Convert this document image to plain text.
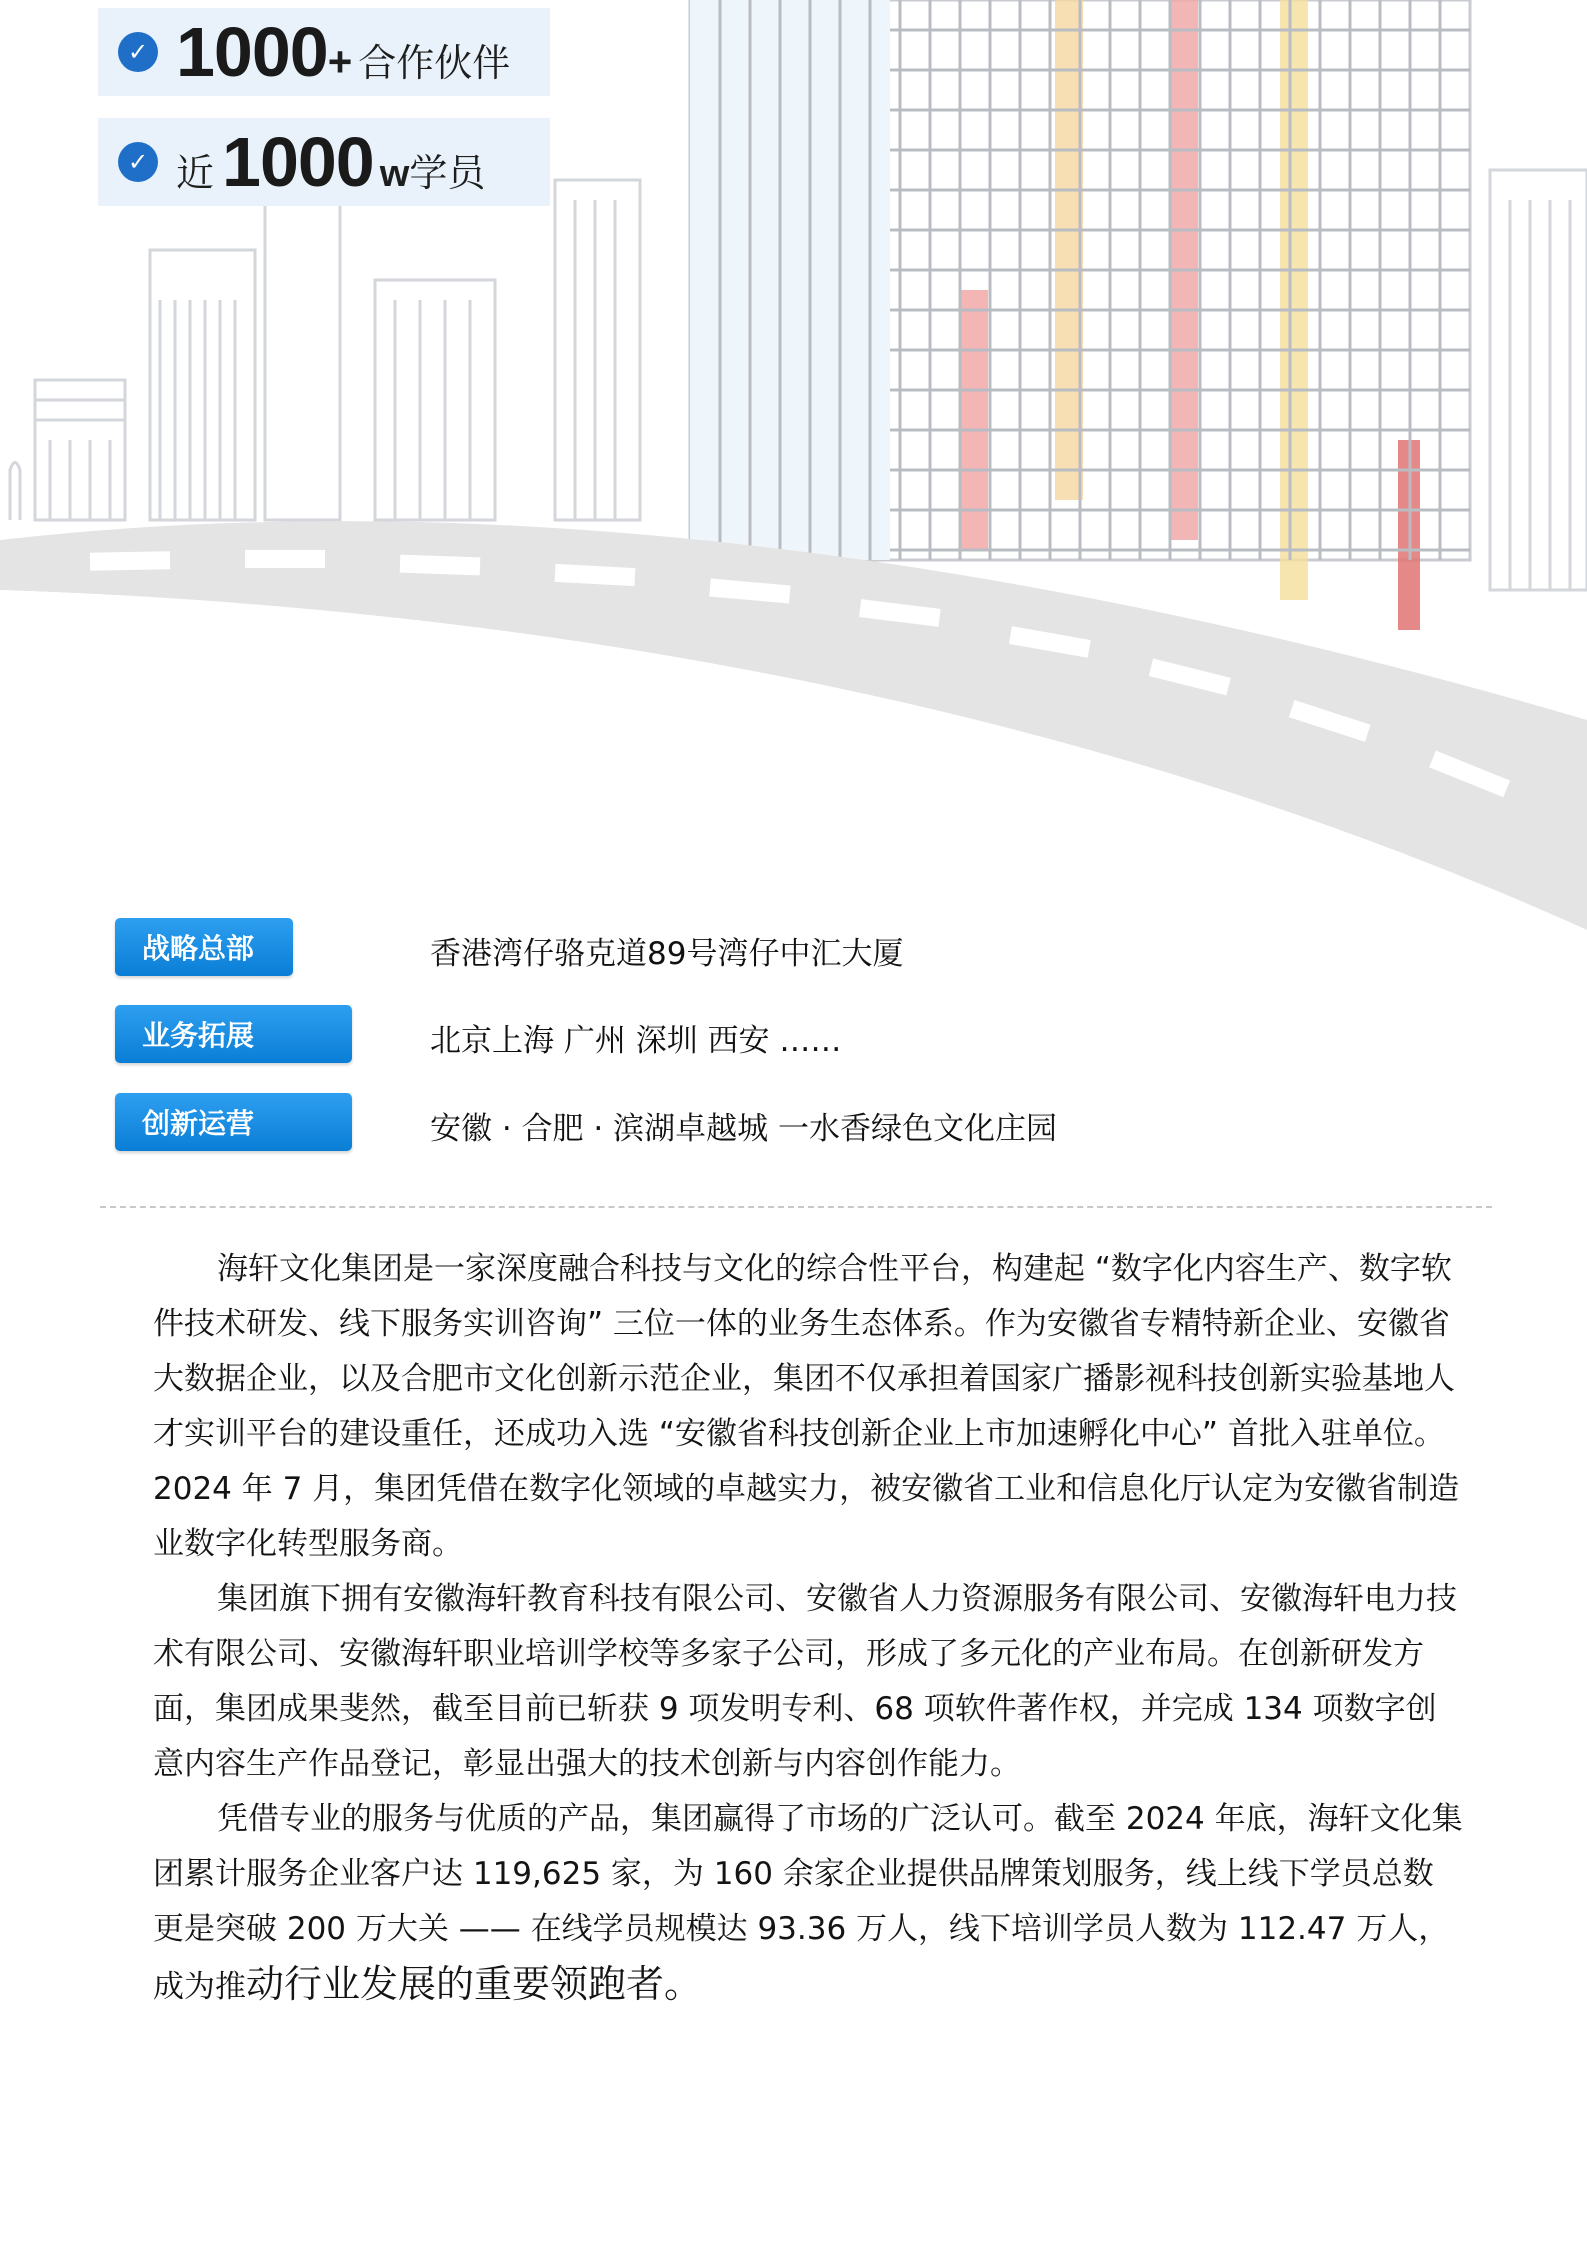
✓ 1000 + 合作伙伴
✓ 近 1000 w 学员
战略总部	香港湾仔骆克道89号湾仔中汇大厦
业务拓展	北京上海 广州 深圳 西安 ……
创新运营	安徽 · 合肥 · 滨湖卓越城 一水香绿色文化庄园

海轩文化集团是一家深度融合科技与文化的综合性平台，构建起 “数字化内容生产、数字软件技术研发、线下服务实训咨询” 三位一体的业务生态体系。作为安徽省专精特新企业、安徽省大数据企业，以及合肥市文化创新示范企业，集团不仅承担着国家广播影视科技创新实验基地人才实训平台的建设重任，还成功入选 “安徽省科技创新企业上市加速孵化中心” 首批入驻单位。2024 年 7 月，集团凭借在数字化领域的卓越实力，被安徽省工业和信息化厅认定为安徽省制造业数字化转型服务商。

集团旗下拥有安徽海轩教育科技有限公司、安徽省人力资源服务有限公司、安徽海轩电力技术有限公司、安徽海轩职业培训学校等多家子公司，形成了多元化的产业布局。在创新研发方面，集团成果斐然，截至目前已斩获 9 项发明专利、68 项软件著作权，并完成 134 项数字创意内容生产作品登记，彰显出强大的技术创新与内容创作能力。

凭借专业的服务与优质的产品，集团赢得了市场的广泛认可。截至 2024 年底，海轩文化集团累计服务企业客户达 119,625 家，为 160 余家企业提供品牌策划服务，线上线下学员总数更是突破 200 万大关 —— 在线学员规模达 93.36 万人，线下培训学员人数为 112.47 万人，成为推动行业发展的重要领跑者。
